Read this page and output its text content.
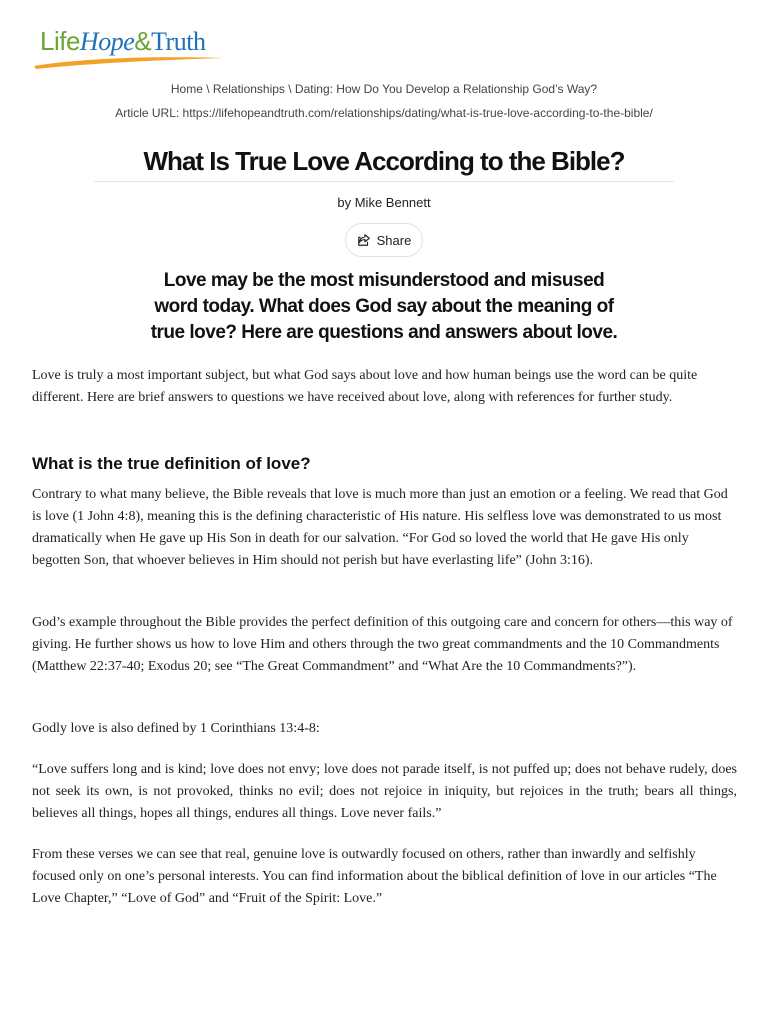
LifeHope&Truth
Home \ Relationships \ Dating: How Do You Develop a Relationship God’s Way?
Article URL: https://lifehopeandtruth.com/relationships/dating/what-is-true-love-according-to-the-bible/
What Is True Love According to the Bible?
by Mike Bennett
Share

Love may be the most misunderstood and misused word today. What does God say about the meaning of true love? Here are questions and answers about love.

Love is truly a most important subject, but what God says about love and how human beings use the word can be quite different. Here are brief answers to questions we have received about love, along with references for further study.

What is the true definition of love?

Contrary to what many believe, the Bible reveals that love is much more than just an emotion or a feeling. We read that God is love (1 John 4:8), meaning this is the defining characteristic of His nature. His selfless love was demonstrated to us most dramatically when He gave up His Son in death for our salvation. “For God so loved the world that He gave His only begotten Son, that whoever believes in Him should not perish but have everlasting life” (John 3:16).

God’s example throughout the Bible provides the perfect definition of this outgoing care and concern for others—this way of giving. He further shows us how to love Him and others through the two great commandments and the 10 Commandments (Matthew 22:37-40; Exodus 20; see “The Great Commandment” and “What Are the 10 Commandments?”).

Godly love is also defined by 1 Corinthians 13:4-8:

“Love suffers long and is kind; love does not envy; love does not parade itself, is not puffed up; does not behave rudely, does not seek its own, is not provoked, thinks no evil; does not rejoice in iniquity, but rejoices in the truth; bears all things, believes all things, hopes all things, endures all things. Love never fails.”

From these verses we can see that real, genuine love is outwardly focused on others, rather than inwardly and selfishly focused only on one’s personal interests. You can find information about the biblical definition of love in our articles “The Love Chapter,” “Love of God” and “Fruit of the Spirit: Love.”
